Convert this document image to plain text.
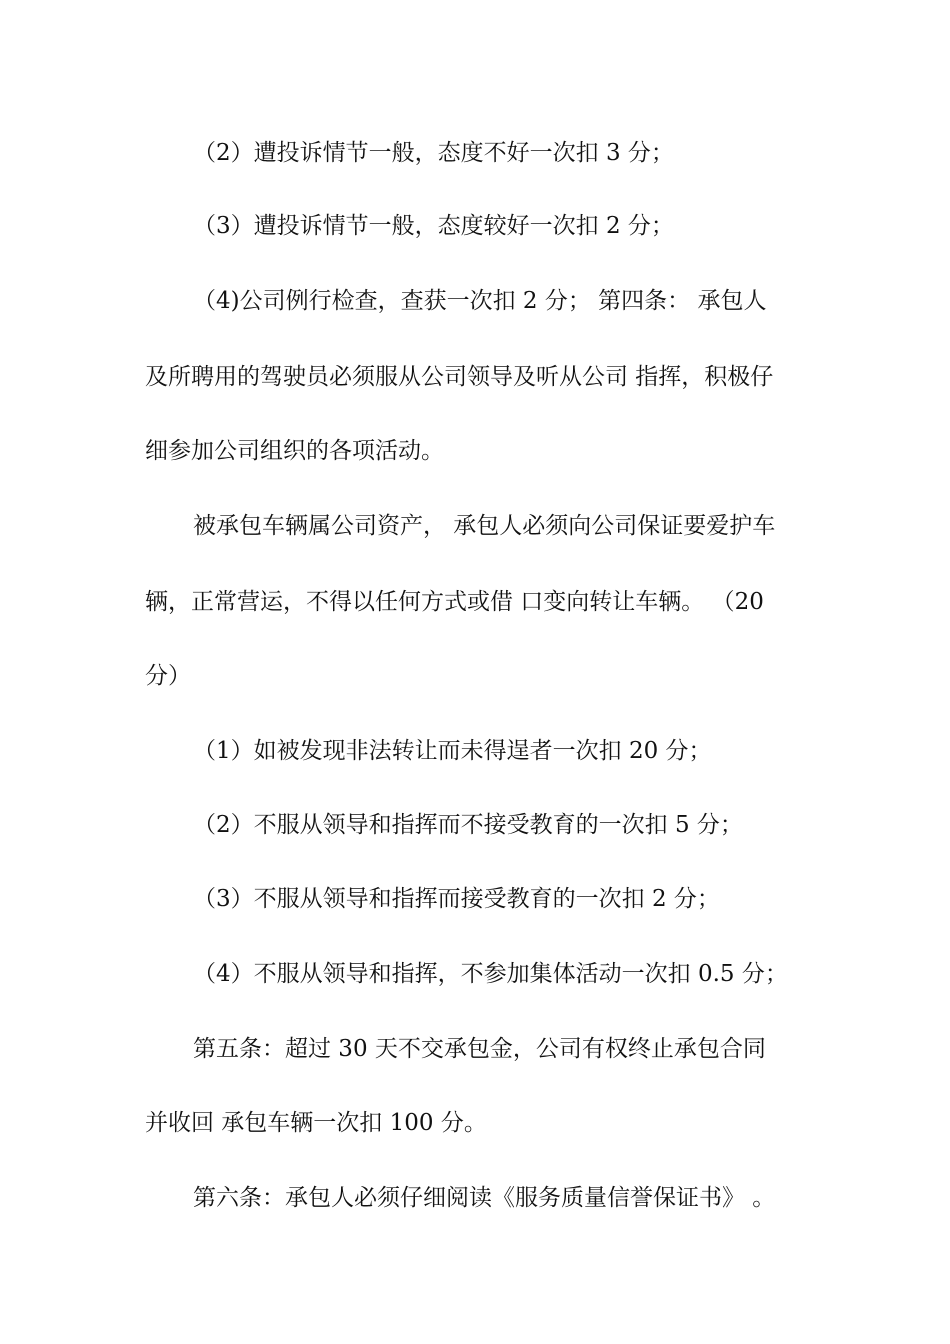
（2）遭投诉情节一般，态度不好一次扣 3 分；
（3）遭投诉情节一般，态度较好一次扣 2 分；
（4)公司例行检查，查获一次扣 2 分； 第四条： 承包人
及所聘用的驾驶员必须服从公司领导及听从公司 指挥，积极仔
细参加公司组织的各项活动。
被承包车辆属公司资产， 承包人必须向公司保证要爱护车
辆，正常营运，不得以任何方式或借 口变向转让车辆。 （20
分）
（1）如被发现非法转让而未得逞者一次扣 20 分；
（2）不服从领导和指挥而不接受教育的一次扣 5 分；
（3）不服从领导和指挥而接受教育的一次扣 2 分；
（4）不服从领导和指挥，不参加集体活动一次扣 0.5 分；
第五条：超过 30 天不交承包金，公司有权终止承包合同
并收回 承包车辆一次扣 100 分。
第六条：承包人必须仔细阅读《服务质量信誉保证书》 。
